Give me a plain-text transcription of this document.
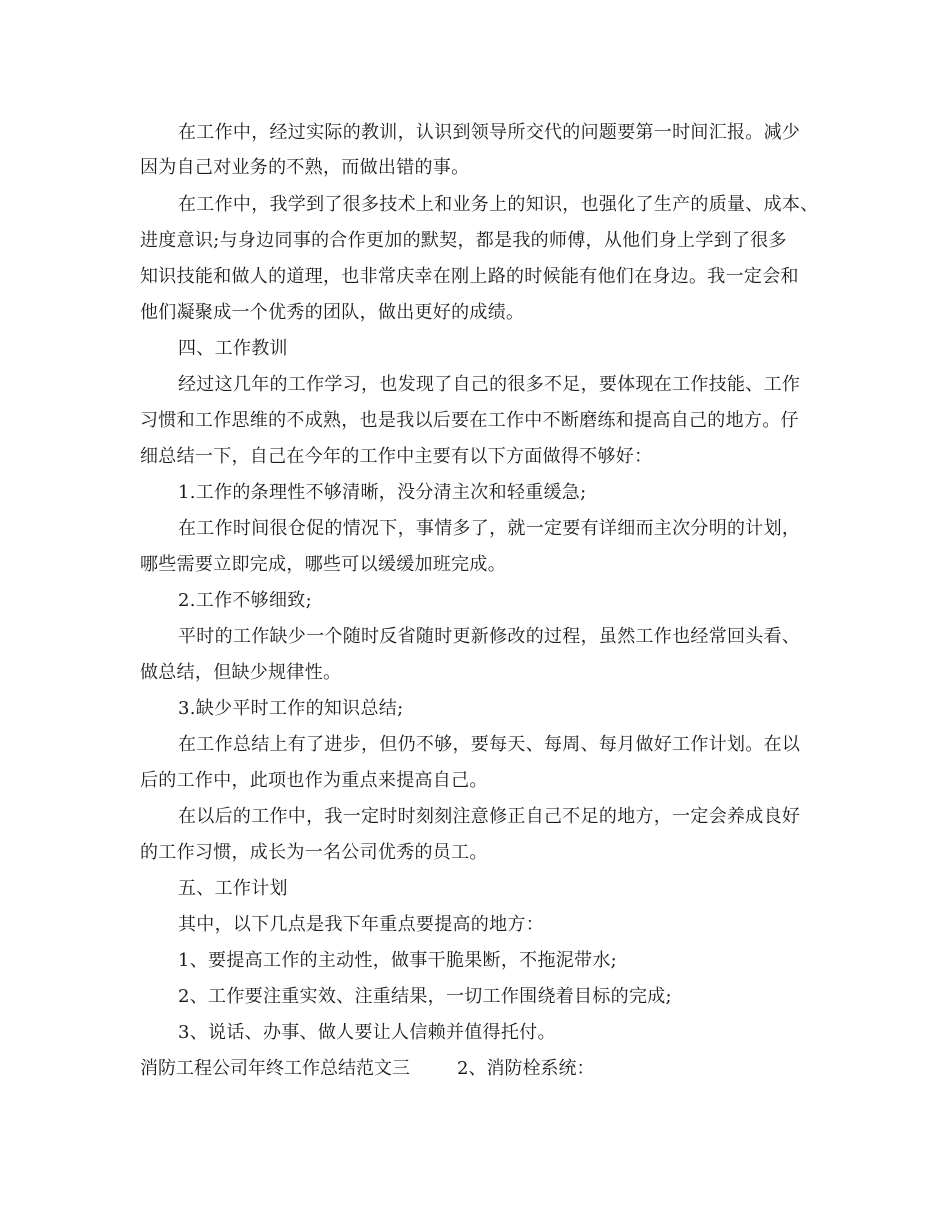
在工作中，经过实际的教训，认识到领导所交代的问题要第一时间汇报。减少
因为自己对业务的不熟，而做出错的事。
在工作中，我学到了很多技术上和业务上的知识，也强化了生产的质量、成本、
进度意识;与身边同事的合作更加的默契，都是我的师傅，从他们身上学到了很多
知识技能和做人的道理，也非常庆幸在刚上路的时候能有他们在身边。我一定会和
他们凝聚成一个优秀的团队，做出更好的成绩。
四、工作教训
经过这几年的工作学习，也发现了自己的很多不足，要体现在工作技能、工作
习惯和工作思维的不成熟，也是我以后要在工作中不断磨练和提高自己的地方。仔
细总结一下，自己在今年的工作中主要有以下方面做得不够好：
1.工作的条理性不够清晰，没分清主次和轻重缓急;
在工作时间很仓促的情况下，事情多了，就一定要有详细而主次分明的计划，
哪些需要立即完成，哪些可以缓缓加班完成。
2.工作不够细致;
平时的工作缺少一个随时反省随时更新修改的过程，虽然工作也经常回头看、
做总结，但缺少规律性。
3.缺少平时工作的知识总结;
在工作总结上有了进步，但仍不够，要每天、每周、每月做好工作计划。在以
后的工作中，此项也作为重点来提高自己。
在以后的工作中，我一定时时刻刻注意修正自己不足的地方，一定会养成良好
的工作习惯，成长为一名公司优秀的员工。
五、工作计划
其中，以下几点是我下年重点要提高的地方：
1、要提高工作的主动性，做事干脆果断，不拖泥带水;
2、工作要注重实效、注重结果，一切工作围绕着目标的完成;
3、说话、办事、做人要让人信赖并值得托付。
消防工程公司年终工作总结范文三	2、消防栓系统：
